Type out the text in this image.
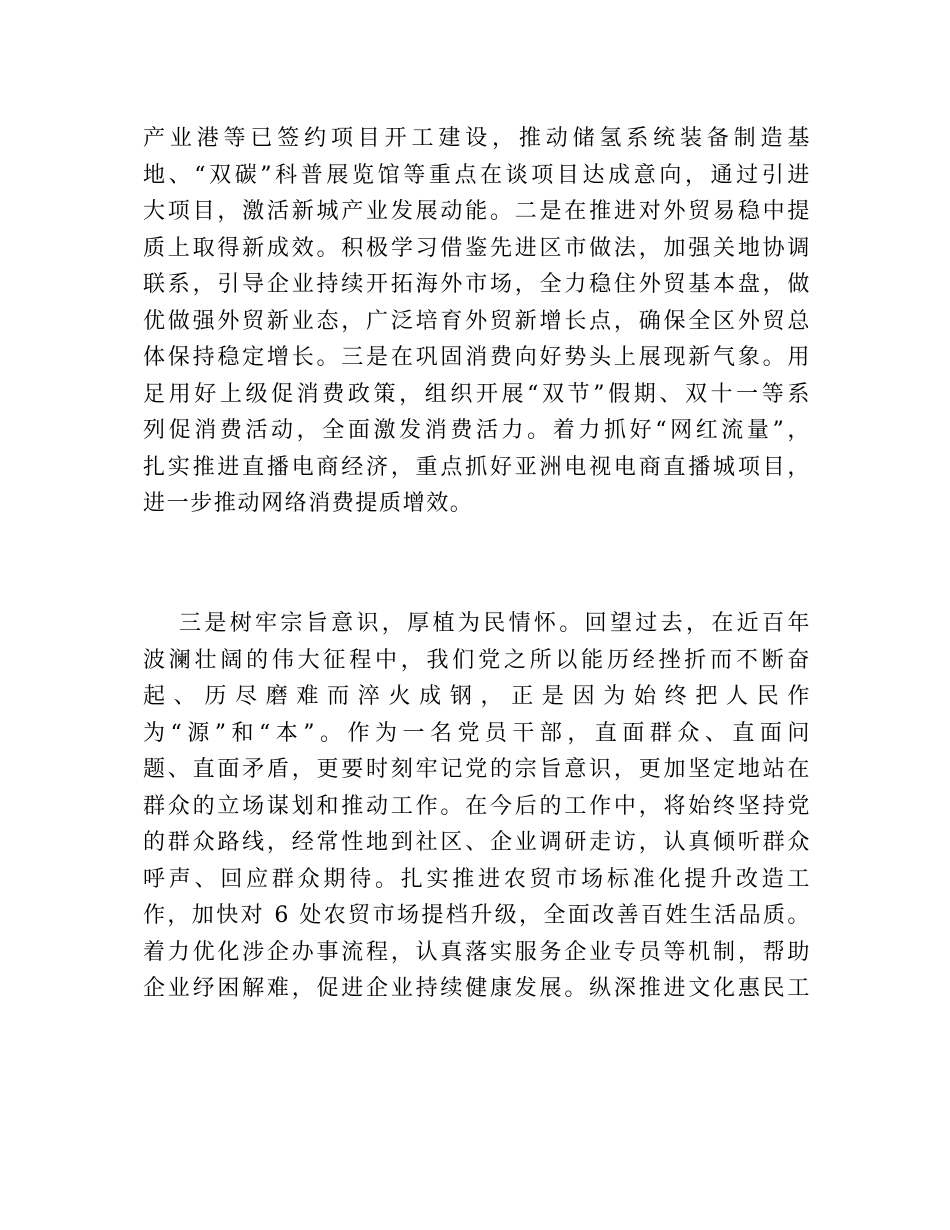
产业港等已签约项目开工建设，推动储氢系统装备制造基
地、“双碳”科普展览馆等重点在谈项目达成意向，通过引进
大项目，激活新城产业发展动能。二是在推进对外贸易稳中提
质上取得新成效。积极学习借鉴先进区市做法，加强关地协调
联系，引导企业持续开拓海外市场，全力稳住外贸基本盘，做
优做强外贸新业态，广泛培育外贸新增长点，确保全区外贸总
体保持稳定增长。三是在巩固消费向好势头上展现新气象。用
足用好上级促消费政策，组织开展“双节”假期、双十一等系
列促消费活动，全面激发消费活力。着力抓好“网红流量”，
扎实推进直播电商经济，重点抓好亚洲电视电商直播城项目，
进一步推动网络消费提质增效。
三是树牢宗旨意识，厚植为民情怀。回望过去，在近百年
波澜壮阔的伟大征程中，我们党之所以能历经挫折而不断奋
起、历尽磨难而淬火成钢，正是因为始终把人民作
为“源”和“本”。作为一名党员干部，直面群众、直面问
题、直面矛盾，更要时刻牢记党的宗旨意识，更加坚定地站在
群众的立场谋划和推动工作。在今后的工作中，将始终坚持党
的群众路线，经常性地到社区、企业调研走访，认真倾听群众
呼声、回应群众期待。扎实推进农贸市场标准化提升改造工
作，加快对 6 处农贸市场提档升级，全面改善百姓生活品质。
着力优化涉企办事流程，认真落实服务企业专员等机制，帮助
企业纾困解难，促进企业持续健康发展。纵深推进文化惠民工
